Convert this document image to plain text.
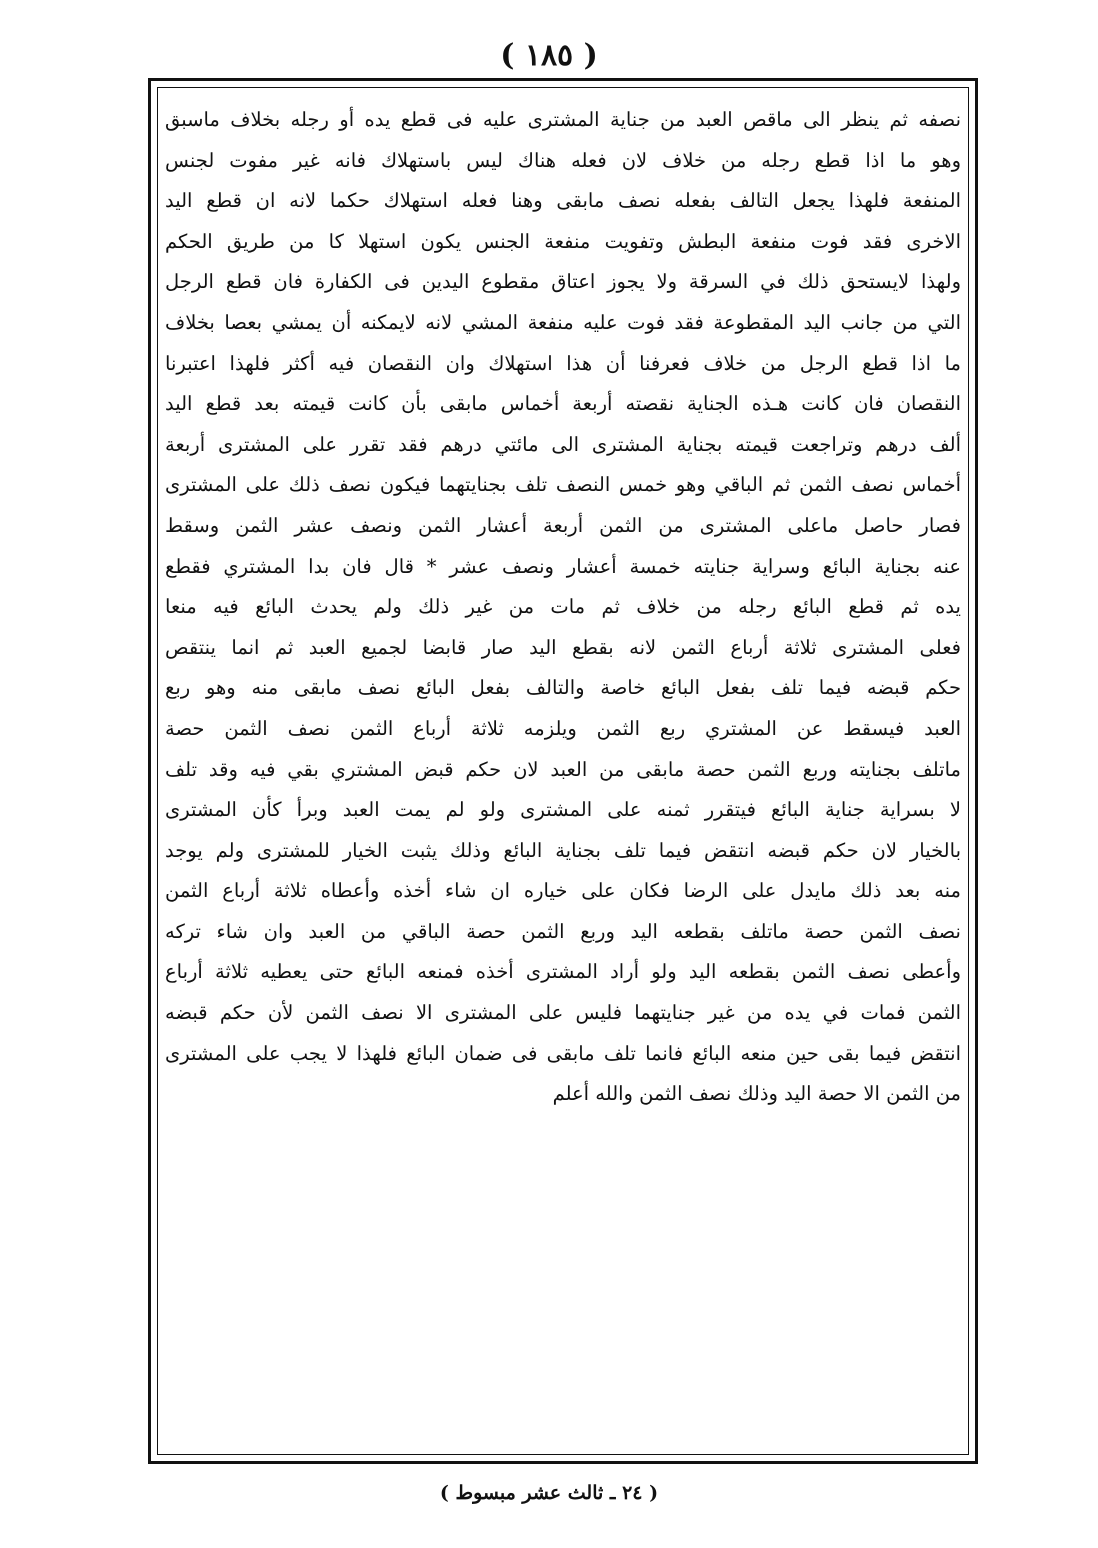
( ١٨٥ )
نصفه ثم ينظر الى ماقص العبد من جناية المشترى عليه فى قطع يده أو رجله بخلاف ماسبق
وهو ما اذا قطع رجله من خلاف لان فعله هناك ليس باستهلاك فانه غير مفوت لجنس
المنفعة فلهذا يجعل التالف بفعله نصف مابقى وهنا فعله استهلاك حكما لانه ان قطع اليد
الاخرى فقد فوت منفعة البطش وتفويت منفعة الجنس يكون استهلا كا من طريق الحكم
ولهذا لايستحق ذلك في السرقة ولا يجوز اعتاق مقطوع اليدين فى الكفارة فان قطع الرجل
التي من جانب اليد المقطوعة فقد فوت عليه منفعة المشي لانه لايمكنه أن يمشي بعصا بخلاف
ما اذا قطع الرجل من خلاف فعرفنا أن هذا استهلاك وان النقصان فيه أكثر فلهذا اعتبرنا
النقصان فان كانت هـذه الجناية نقصته أربعة أخماس مابقى بأن كانت قيمته بعد قطع اليد
ألف درهم وتراجعت قيمته بجناية المشترى الى مائتي درهم فقد تقرر على المشترى أربعة
أخماس نصف الثمن ثم الباقي وهو خمس النصف تلف بجنايتهما فيكون نصف ذلك على المشترى
فصار حاصل ماعلى المشترى من الثمن أربعة أعشار الثمن ونصف عشر الثمن وسقط
عنه بجناية البائع وسراية جنايته خمسة أعشار ونصف عشر * قال فان بدا المشتري فقطع
يده ثم قطع البائع رجله من خلاف ثم مات من غير ذلك ولم يحدث البائع فيه منعا
فعلى المشترى ثلاثة أرباع الثمن لانه بقطع اليد صار قابضا لجميع العبد ثم انما ينتقص
حكم قبضه فيما تلف بفعل البائع خاصة والتالف بفعل البائع نصف مابقى منه وهو ربع
العبد فيسقط عن المشتري ربع الثمن ويلزمه ثلاثة أرباع الثمن نصف الثمن حصة
ماتلف بجنايته وربع الثمن حصة مابقى من العبد لان حكم قبض المشتري بقي فيه وقد تلف
لا بسراية جناية البائع فيتقرر ثمنه على المشترى ولو لم يمت العبد وبرأ كأن المشترى
بالخيار لان حكم قبضه انتقض فيما تلف بجناية البائع وذلك يثبت الخيار للمشترى ولم يوجد
منه بعد ذلك مايدل على الرضا فكان على خياره ان شاء أخذه وأعطاه ثلاثة أرباع الثمن
نصف الثمن حصة ماتلف بقطعه اليد وربع الثمن حصة الباقي من العبد وان شاء تركه
وأعطى نصف الثمن بقطعه اليد ولو أراد المشترى أخذه فمنعه البائع حتى يعطيه ثلاثة أرباع
الثمن فمات في يده من غير جنايتهما فليس على المشترى الا نصف الثمن لأن حكم قبضه
انتقض فيما بقى حين منعه البائع فانما تلف مابقى فى ضمان البائع فلهذا لا يجب على المشترى
من الثمن الا حصة اليد وذلك نصف الثمن والله أعلم
( ٢٤ ـ ثالث عشر مبسوط )
